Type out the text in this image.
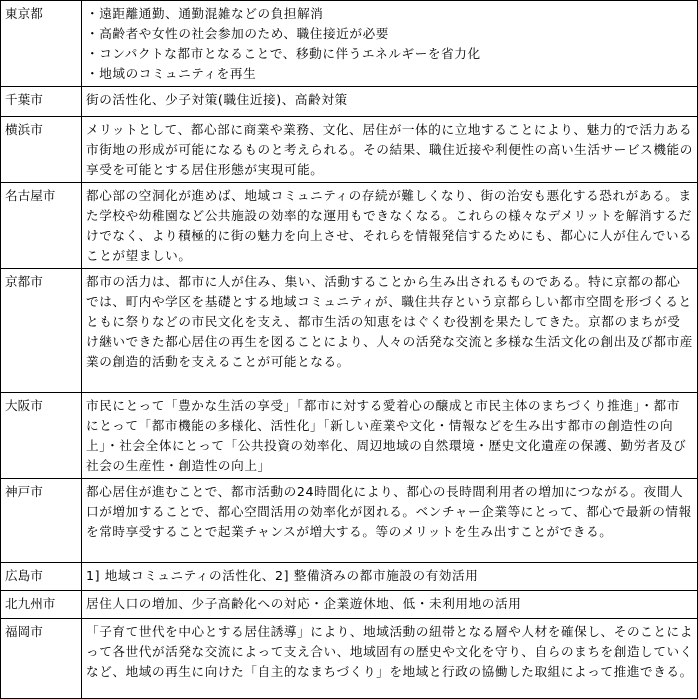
東京都	・遠距離通勤、通勤混雑などの負担解消
・高齢者や女性の社会参加のため、職住接近が必要
・コンパクトな都市となることで、移動に伴うエネルギーを省力化
・地域のコミュニティを再生

千葉市	街の活性化、少子対策(職住近接)、高齢対策
横浜市	メリットとして、都心部に商業や業務、文化、居住が一体的に立地することにより、魅力的で活力ある市街地の形成が可能になるものと考えられる。その結果、職住近接や利便性の高い生活サービス機能の享受を可能とする居住形態が実現可能。
名古屋市	都心部の空洞化が進めば、地域コミュニティの存続が難しくなり、街の治安も悪化する恐れがある。また学校や幼稚園など公共施設の効率的な運用もできなくなる。これらの様々なデメリットを解消するだけでなく、より積極的に街の魅力を向上させ、それらを情報発信するためにも、都心に人が住んでいることが望ましい。
京都市	都市の活力は、都市に人が住み、集い、活動することから生み出されるものである。特に京都の都心では、町内や学区を基礎とする地域コミュニティが、職住共存という京都らしい都市空間を形づくるとともに祭りなどの市民文化を支え、都市生活の知恵をはぐくむ役割を果たしてきた。京都のまちが受け継いできた都心居住の再生を図ることにより、人々の活発な交流と多様な生活文化の創出及び都市産業の創造的活動を支えることが可能となる。
大阪市	市民にとって「豊かな生活の享受」「都市に対する愛着心の醸成と市民主体のまちづくり推進」・都市にとって「都市機能の多様化、活性化」「新しい産業や文化・情報などを生み出す都市の創造性の向上」・社会全体にとって「公共投資の効率化、周辺地域の自然環境・歴史文化遺産の保護、勤労者及び社会の生産性・創造性の向上」
神戸市	都心居住が進むことで、都市活動の24時間化により、都心の長時間利用者の増加につながる。夜間人口が増加することで、都心空間活用の効率化が図れる。ベンチャー企業等にとって、都心で最新の情報を常時享受することで起業チャンスが増大する。等のメリットを生み出すことができる。
広島市	1] 地域コミュニティの活性化、2] 整備済みの都市施設の有効活用
北九州市	居住人口の増加、少子高齢化への対応・企業遊休地、低・未利用地の活用
福岡市	「子育て世代を中心とする居住誘導」により、地域活動の紐帯となる層や人材を確保し、そのことによって各世代が活発な交流によって支え合い、地域固有の歴史や文化を守り、自らのまちを創造していくなど、地域の再生に向けた「自主的なまちづくり」を地域と行政の協働した取組によって推進できる。
